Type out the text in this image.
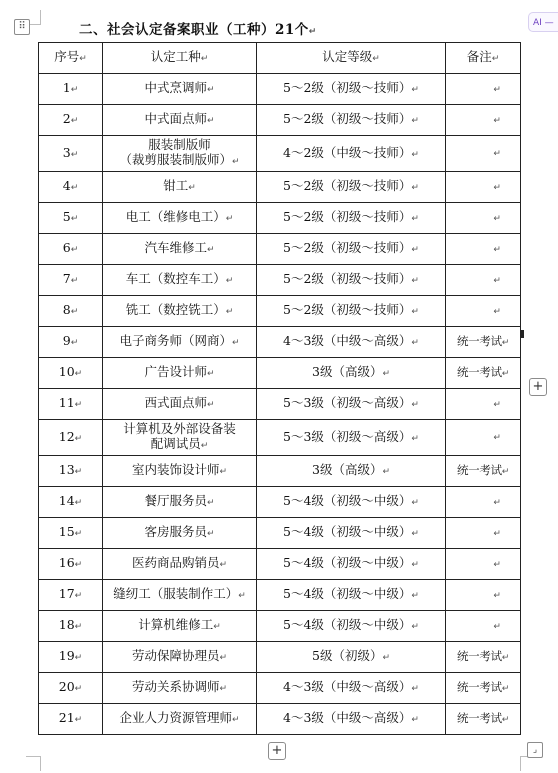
⠿	AI —
二、社会认定备案职业（工种）21个↵
序号↵	认定工种↵	认定等级↵	备注↵
1↵	中式烹调师↵	5～2级（初级～技师）↵	↵
2↵	中式面点师↵	5～2级（初级～技师）↵	↵
3↵	服装制版师
（裁剪服装制版师）↵	4～2级（中级～技师）↵	↵
4↵	钳工↵	5～2级（初级～技师）↵	↵
5↵	电工（维修电工）↵	5～2级（初级～技师）↵	↵
6↵	汽车维修工↵	5～2级（初级～技师）↵	↵
7↵	车工（数控车工）↵	5～2级（初级～技师）↵	↵
8↵	铣工（数控铣工）↵	5～2级（初级～技师）↵	↵
9↵	电子商务师（网商）↵	4～3级（中级～高级）↵	统一考试↵
10↵	广告设计师↵	3级（高级）↵	统一考试↵
11↵	西式面点师↵	5～3级（初级～高级）↵	↵
12↵	计算机及外部设备装
配调试员↵	5～3级（初级～高级）↵	↵
13↵	室内装饰设计师↵	3级（高级）↵	统一考试↵
14↵	餐厅服务员↵	5～4级（初级～中级）↵	↵
15↵	客房服务员↵	5～4级（初级～中级）↵	↵
16↵	医药商品购销员↵	5～4级（初级～中级）↵	↵
17↵	缝纫工（服装制作工）↵	5～4级（初级～中级）↵	↵
18↵	计算机维修工↵	5～4级（初级～中级）↵	↵
19↵	劳动保障协理员↵	5级（初级）↵	统一考试↵
20↵	劳动关系协调师↵	4～3级（中级～高级）↵	统一考试↵
21↵	企业人力资源管理师↵	4～3级（中级～高级）↵	统一考试↵
+
+	⌟
